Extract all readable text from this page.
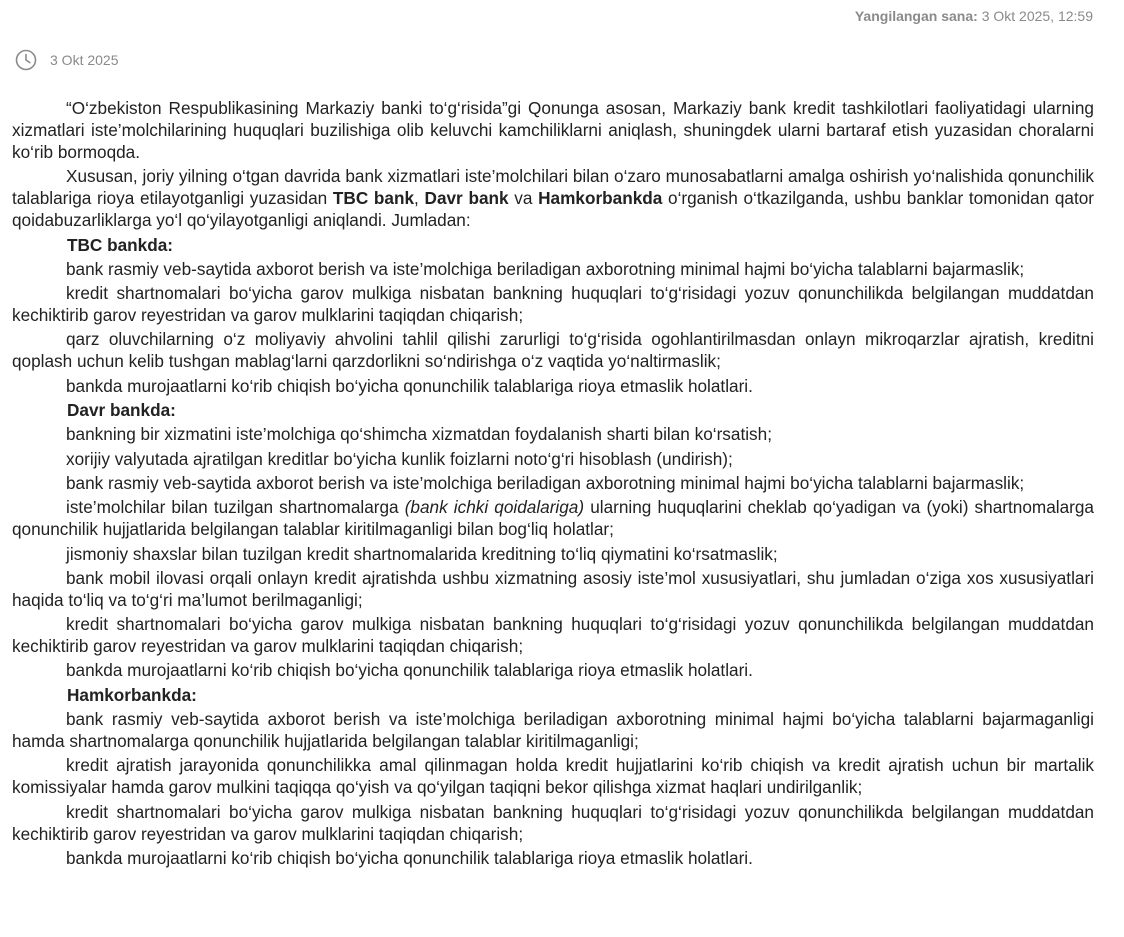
Yangilangan sana: 3 Okt 2025, 12:59
3 Okt 2025

“O‘zbekiston Respublikasining Markaziy banki to‘g‘risida”gi Qonunga asosan, Markaziy bank kredit tashkilotlari faoliyatidagi ularning xizmatlari iste’molchilarining huquqlari buzilishiga olib keluvchi kamchiliklarni aniqlash, shuningdek ularni bartaraf etish yuzasidan choralarni ko‘rib bormoqda.

Xususan, joriy yilning o‘tgan davrida bank xizmatlari iste’molchilari bilan o‘zaro munosabatlarni amalga oshirish yo‘nalishida qonunchilik talablariga rioya etilayotganligi yuzasidan TBC bank, Davr bank va Hamkorbankda o‘rganish o‘tkazilganda, ushbu banklar tomonidan qator qoidabuzarliklarga yo‘l qo‘yilayotganligi aniqlandi. Jumladan:

TBC bankda:

bank rasmiy veb-saytida axborot berish va iste’molchiga beriladigan axborotning minimal hajmi bo‘yicha talablarni bajarmaslik;

kredit shartnomalari bo‘yicha garov mulkiga nisbatan bankning huquqlari to‘g‘risidagi yozuv qonunchilikda belgilangan muddatdan kechiktirib garov reyestridan va garov mulklarini taqiqdan chiqarish;

qarz oluvchilarning o‘z moliyaviy ahvolini tahlil qilishi zarurligi to‘g‘risida ogohlantirilmasdan onlayn mikroqarzlar ajratish, kreditni qoplash uchun kelib tushgan mablag‘larni qarzdorlikni so‘ndirishga o‘z vaqtida yo‘naltirmaslik;

bankda murojaatlarni ko‘rib chiqish bo‘yicha qonunchilik talablariga rioya etmaslik holatlari.

Davr bankda:

bankning bir xizmatini iste’molchiga qo‘shimcha xizmatdan foydalanish sharti bilan ko‘rsatish;

xorijiy valyutada ajratilgan kreditlar bo‘yicha kunlik foizlarni noto‘g‘ri hisoblash (undirish);

bank rasmiy veb-saytida axborot berish va iste’molchiga beriladigan axborotning minimal hajmi bo‘yicha talablarni bajarmaslik;

iste’molchilar bilan tuzilgan shartnomalarga (bank ichki qoidalariga) ularning huquqlarini cheklab qo‘yadigan va (yoki) shartnomalarga qonunchilik hujjatlarida belgilangan talablar kiritilmaganligi bilan bog‘liq holatlar;

jismoniy shaxslar bilan tuzilgan kredit shartnomalarida kreditning to‘liq qiymatini ko‘rsatmaslik;

bank mobil ilovasi orqali onlayn kredit ajratishda ushbu xizmatning asosiy iste’mol xususiyatlari, shu jumladan o‘ziga xos xususiyatlari haqida to‘liq va to‘g‘ri ma’lumot berilmaganligi;

kredit shartnomalari bo‘yicha garov mulkiga nisbatan bankning huquqlari to‘g‘risidagi yozuv qonunchilikda belgilangan muddatdan kechiktirib garov reyestridan va garov mulklarini taqiqdan chiqarish;

bankda murojaatlarni ko‘rib chiqish bo‘yicha qonunchilik talablariga rioya etmaslik holatlari.

Hamkorbankda:

bank rasmiy veb-saytida axborot berish va iste’molchiga beriladigan axborotning minimal hajmi bo‘yicha talablarni bajarmaganligi hamda shartnomalarga qonunchilik hujjatlarida belgilangan talablar kiritilmaganligi;

kredit ajratish jarayonida qonunchilikka amal qilinmagan holda kredit hujjatlarini ko‘rib chiqish va kredit ajratish uchun bir martalik komissiyalar hamda garov mulkini taqiqqa qo‘yish va qo‘yilgan taqiqni bekor qilishga xizmat haqlari undirilganlik;

kredit shartnomalari bo‘yicha garov mulkiga nisbatan bankning huquqlari to‘g‘risidagi yozuv qonunchilikda belgilangan muddatdan kechiktirib garov reyestridan va garov mulklarini taqiqdan chiqarish;

bankda murojaatlarni ko‘rib chiqish bo‘yicha qonunchilik talablariga rioya etmaslik holatlari.
